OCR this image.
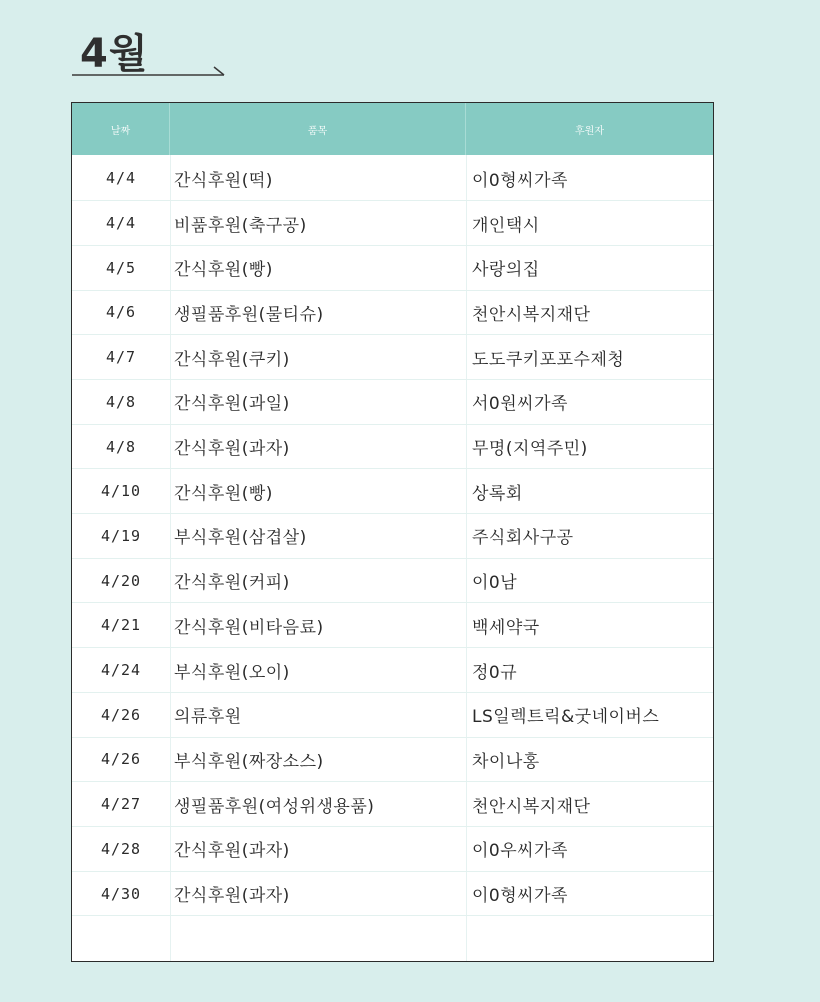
4월
날짜	품목	후원자
4/4	간식후원(떡)	이0형씨가족
4/4	비품후원(축구공)	개인택시
4/5	간식후원(빵)	사랑의집
4/6	생필품후원(물티슈)	천안시복지재단
4/7	간식후원(쿠키)	도도쿠키포포수제청
4/8	간식후원(과일)	서0원씨가족
4/8	간식후원(과자)	무명(지역주민)
4/10	간식후원(빵)	상록회
4/19	부식후원(삼겹살)	주식회사구공
4/20	간식후원(커피)	이0남
4/21	간식후원(비타음료)	백세약국
4/24	부식후원(오이)	정0규
4/26	의류후원	LS일렉트릭&굿네이버스
4/26	부식후원(짜장소스)	차이나홍
4/27	생필품후원(여성위생용품)	천안시복지재단
4/28	간식후원(과자)	이0우씨가족
4/30	간식후원(과자)	이0형씨가족
